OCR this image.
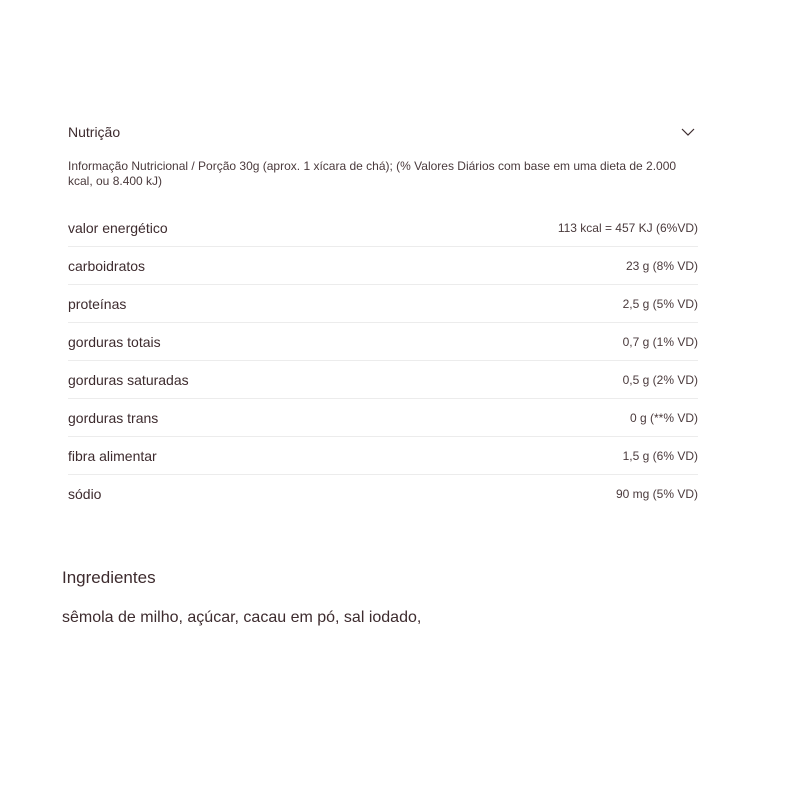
Nutrição
Informação Nutricional / Porção 30g (aprox. 1 xícara de chá); (% Valores Diários com base em uma dieta de 2.000 kcal, ou 8.400 kJ)
valor energético	113 kcal = 457 KJ (6%VD)
carboidratos	23 g (8% VD)
proteínas	2,5 g (5% VD)
gorduras totais	0,7 g (1% VD)
gorduras saturadas	0,5 g (2% VD)
gorduras trans	0 g (**% VD)
fibra alimentar	1,5 g (6% VD)
sódio	90 mg (5% VD)
Ingredientes
sêmola de milho, açúcar, cacau em pó, sal iodado,
